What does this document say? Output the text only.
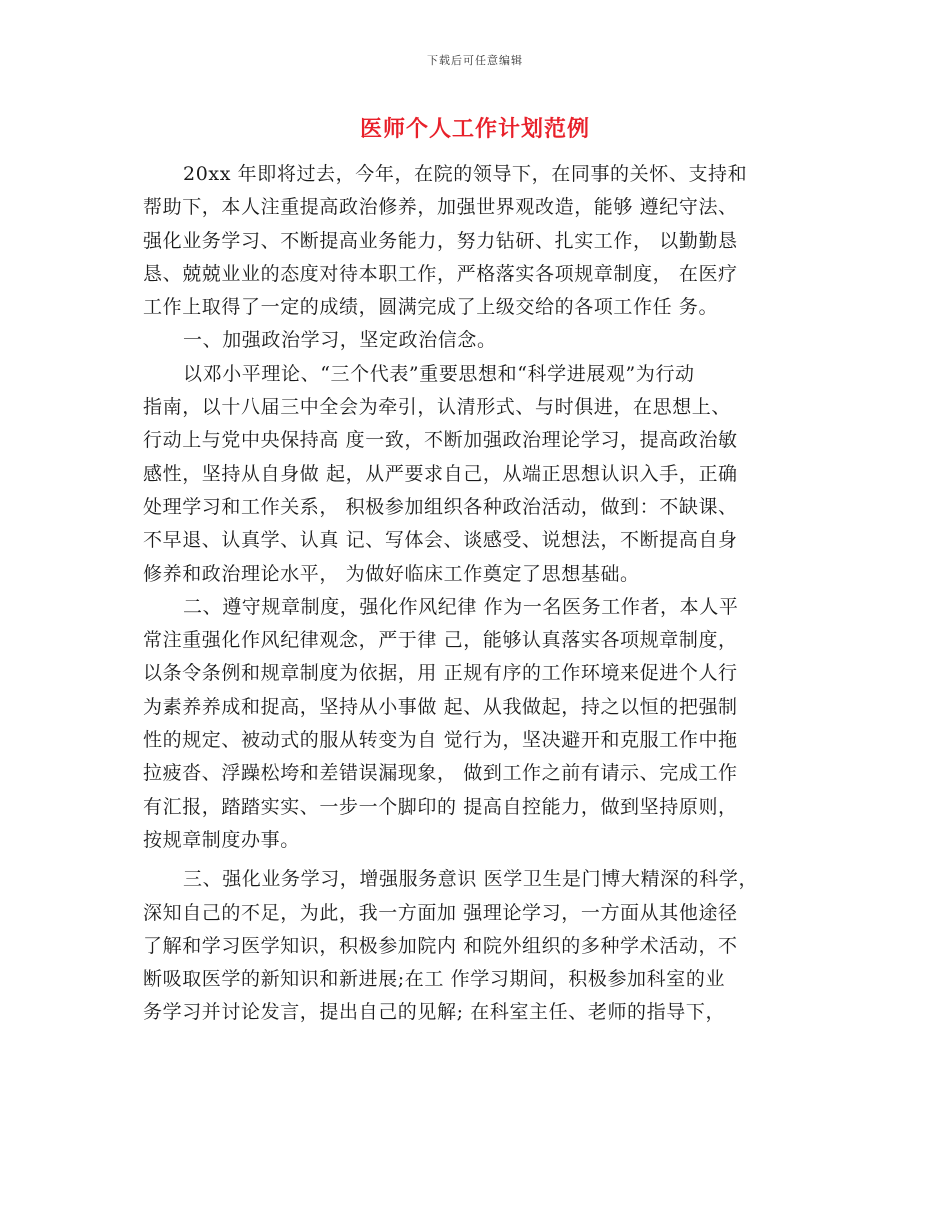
下载后可任意编辑
医师个人工作计划范例
20xx 年即将过去，今年，在院的领导下，在同事的关怀、支持和
帮助下，本人注重提高政治修养，加强世界观改造，能够 遵纪守法、
强化业务学习、不断提高业务能力，努力钻研、扎实工作， 以勤勤恳
恳、兢兢业业的态度对待本职工作，严格落实各项规章制度， 在医疗
工作上取得了一定的成绩，圆满完成了上级交给的各项工作任 务。
一、加强政治学习，坚定政治信念。
以邓小平理论、“三个代表”重要思想和“科学进展观”为行动
指南，以十八届三中全会为牵引，认清形式、与时俱进，在思想上、
行动上与党中央保持高 度一致，不断加强政治理论学习，提高政治敏
感性，坚持从自身做 起，从严要求自己，从端正思想认识入手，正确
处理学习和工作关系， 积极参加组织各种政治活动，做到：不缺课、
不早退、认真学、认真 记、写体会、谈感受、说想法，不断提高自身
修养和政治理论水平， 为做好临床工作奠定了思想基础。
二、遵守规章制度，强化作风纪律 作为一名医务工作者，本人平
常注重强化作风纪律观念，严于律 己，能够认真落实各项规章制度，
以条令条例和规章制度为依据，用 正规有序的工作环境来促进个人行
为素养养成和捉高，坚持从小事做 起、从我做起，持之以恒的把强制
性的规定、被动式的服从转变为自 觉行为，坚决避开和克服工作中拖
拉疲沓、浮躁松垮和差错误漏现象， 做到工作之前有请示、完成工作
有汇报，踏踏实实、一步一个脚印的 提高自控能力，做到坚持原则，
按规章制度办事。
三、强化业务学习，增强服务意识 医学卫生是门博大精深的科学，
深知自己的不足，为此，我一方面加 强理论学习，一方面从其他途径
了解和学习医学知识，积极参加院内 和院外组织的多种学术活动，不
断吸取医学的新知识和新进展;在工 作学习期间，积极参加科室的业
务学习并讨论发言，提出自己的见解; 在科室主任、老师的指导下，
